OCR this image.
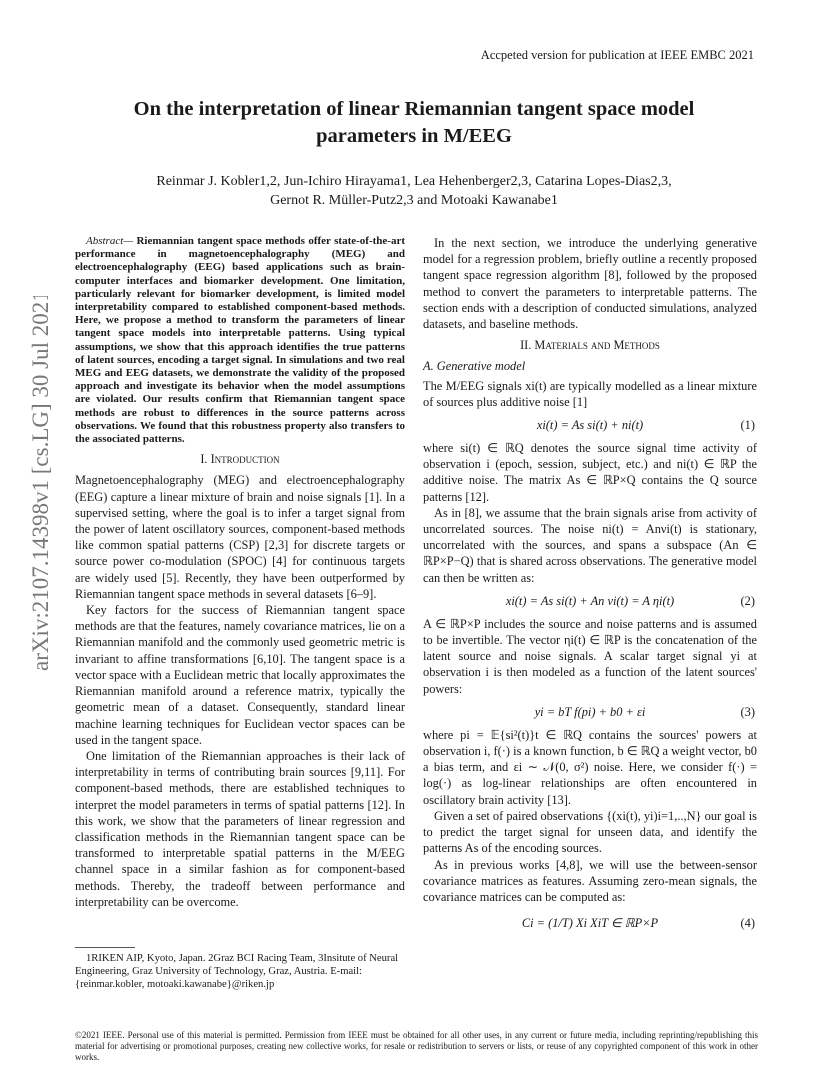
Accpeted version for publication at IEEE EMBC 2021
arXiv:2107.14398v1 [cs.LG] 30 Jul 2021
On the interpretation of linear Riemannian tangent space model parameters in M/EEG
Reinmar J. Kobler1,2, Jun-Ichiro Hirayama1, Lea Hehenberger2,3, Catarina Lopes-Dias2,3,
Gernot R. Müller-Putz2,3 and Motoaki Kawanabe1
Abstract— Riemannian tangent space methods offer state-of-the-art performance in magnetoencephalography (MEG) and electroencephalography (EEG) based applications such as brain-computer interfaces and biomarker development. One limitation, particularly relevant for biomarker development, is limited model interpretability compared to established component-based methods. Here, we propose a method to transform the parameters of linear tangent space models into interpretable patterns. Using typical assumptions, we show that this approach identifies the true patterns of latent sources, encoding a target signal. In simulations and two real MEG and EEG datasets, we demonstrate the validity of the proposed approach and investigate its behavior when the model assumptions are violated. Our results confirm that Riemannian tangent space methods are robust to differences in the source patterns across observations. We found that this robustness property also transfers to the associated patterns.
I. Introduction

Magnetoencephalography (MEG) and electroencephalography (EEG) capture a linear mixture of brain and noise signals [1]. In a supervised setting, where the goal is to infer a target signal from the power of latent oscillatory sources, component-based methods like common spatial patterns (CSP) [2,3] for discrete targets or source power co-modulation (SPOC) [4] for continuous targets are widely used [5]. Recently, they have been outperformed by Riemannian tangent space methods in several datasets [6–9].

Key factors for the success of Riemannian tangent space methods are that the features, namely covariance matrices, lie on a Riemannian manifold and the commonly used geometric metric is invariant to affine transformations [6,10]. The tangent space is a vector space with a Euclidean metric that locally approximates the Riemannian manifold around a reference matrix, typically the geometric mean of a dataset. Consequently, standard linear machine learning techniques for Euclidean vector spaces can be used in the tangent space.

One limitation of the Riemannian approaches is their lack of interpretability in terms of contributing brain sources [9,11]. For component-based methods, there are established techniques to interpret the model parameters in terms of spatial patterns [12]. In this work, we show that the parameters of linear regression and classification methods in the Riemannian tangent space can be transformed to interpretable spatial patterns in the M/EEG channel space in a similar fashion as for component-based methods. Thereby, the tradeoff between performance and interpretability can be overcome.

In the next section, we introduce the underlying generative model for a regression problem, briefly outline a recently proposed tangent space regression algorithm [8], followed by the proposed method to convert the parameters to interpretable patterns. The section ends with a description of conducted simulations, analyzed datasets, and baseline methods.

II. Materials and Methods
A. Generative model

The M/EEG signals xi(t) are typically modelled as a linear mixture of sources plus additive noise [1]

xi(t) = As si(t) + ni(t)	(1)

where si(t) ∈ ℝQ denotes the source signal time activity of observation i (epoch, session, subject, etc.) and ni(t) ∈ ℝP the additive noise. The matrix As ∈ ℝP×Q contains the Q source patterns [12].

As in [8], we assume that the brain signals arise from activity of uncorrelated sources. The noise ni(t) = Anνi(t) is stationary, uncorrelated with the sources, and spans a subspace (An ∈ ℝP×P−Q) that is shared across observations. The generative model can then be written as:

xi(t) = As si(t) + An νi(t) = A ηi(t)	(2)

A ∈ ℝP×P includes the source and noise patterns and is assumed to be invertible. The vector ηi(t) ∈ ℝP is the concatenation of the latent source and noise signals. A scalar target signal yi at observation i is then modeled as a function of the latent sources' powers:

yi = bT f(pi) + b0 + εi	(3)

where pi = 𝔼{si²(t)}t ∈ ℝQ contains the sources' powers at observation i, f(·) is a known function, b ∈ ℝQ a weight vector, b0 a bias term, and εi ∼ 𝒩(0, σ²) noise. Here, we consider f(·) = log(·) as log-linear relationships are often encountered in oscillatory brain activity [13].

Given a set of paired observations {(xi(t), yi)i=1,..,N} our goal is to predict the target signal for unseen data, and identify the patterns As of the encoding sources.

As in previous works [4,8], we will use the between-sensor covariance matrices as features. Assuming zero-mean signals, the covariance matrices can be computed as:

Ci = (1/T) Xi XiT ∈ ℝP×P	(4)
1RIKEN AIP, Kyoto, Japan. 2Graz BCI Racing Team, 3Insitute of Neural Engineering, Graz University of Technology, Graz, Austria. E-mail: {reinmar.kobler, motoaki.kawanabe}@riken.jp
©2021 IEEE. Personal use of this material is permitted. Permission from IEEE must be obtained for all other uses, in any current or future media, including reprinting/republishing this material for advertising or promotional purposes, creating new collective works, for resale or redistribution to servers or lists, or reuse of any copyrighted component of this work in other works.
